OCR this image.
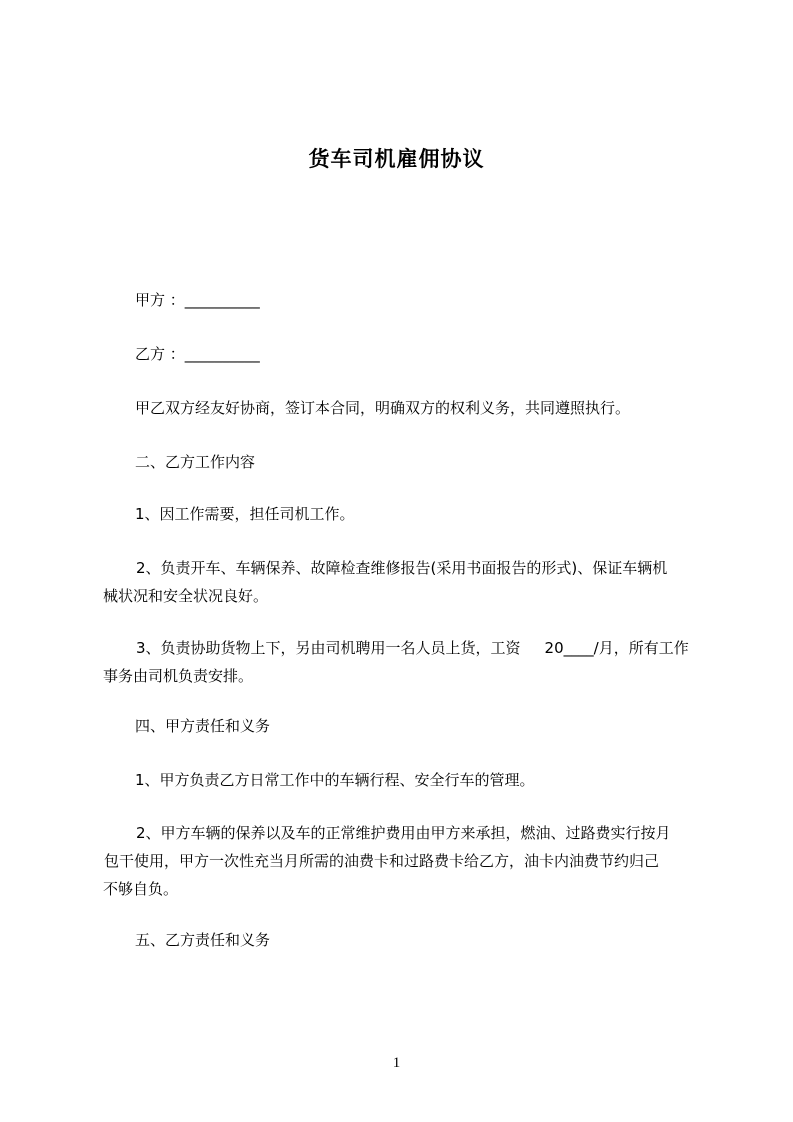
货车司机雇佣协议
甲方 ：__________
乙方 ：__________
甲乙双方经友好协商，签订本合同，明确双方的权利义务，共同遵照执行。
二、乙方工作内容
1、因工作需要，担任司机工作。
2、负责开车、车辆保养、故障检查维修报告(采用书面报告的形式)、保证车辆机
械状况和安全状况良好。
3、负责协助货物上下，另由司机聘用一名人员上货，工资 20____/月，所有工作
事务由司机负责安排。
四、甲方责任和义务
1、甲方负责乙方日常工作中的车辆行程、安全行车的管理。
2、甲方车辆的保养以及车的正常维护费用由甲方来承担，燃油、过路费实行按月
包干使用，甲方一次性充当月所需的油费卡和过路费卡给乙方，油卡内油费节约归己
不够自负。
五、乙方责任和义务
1
